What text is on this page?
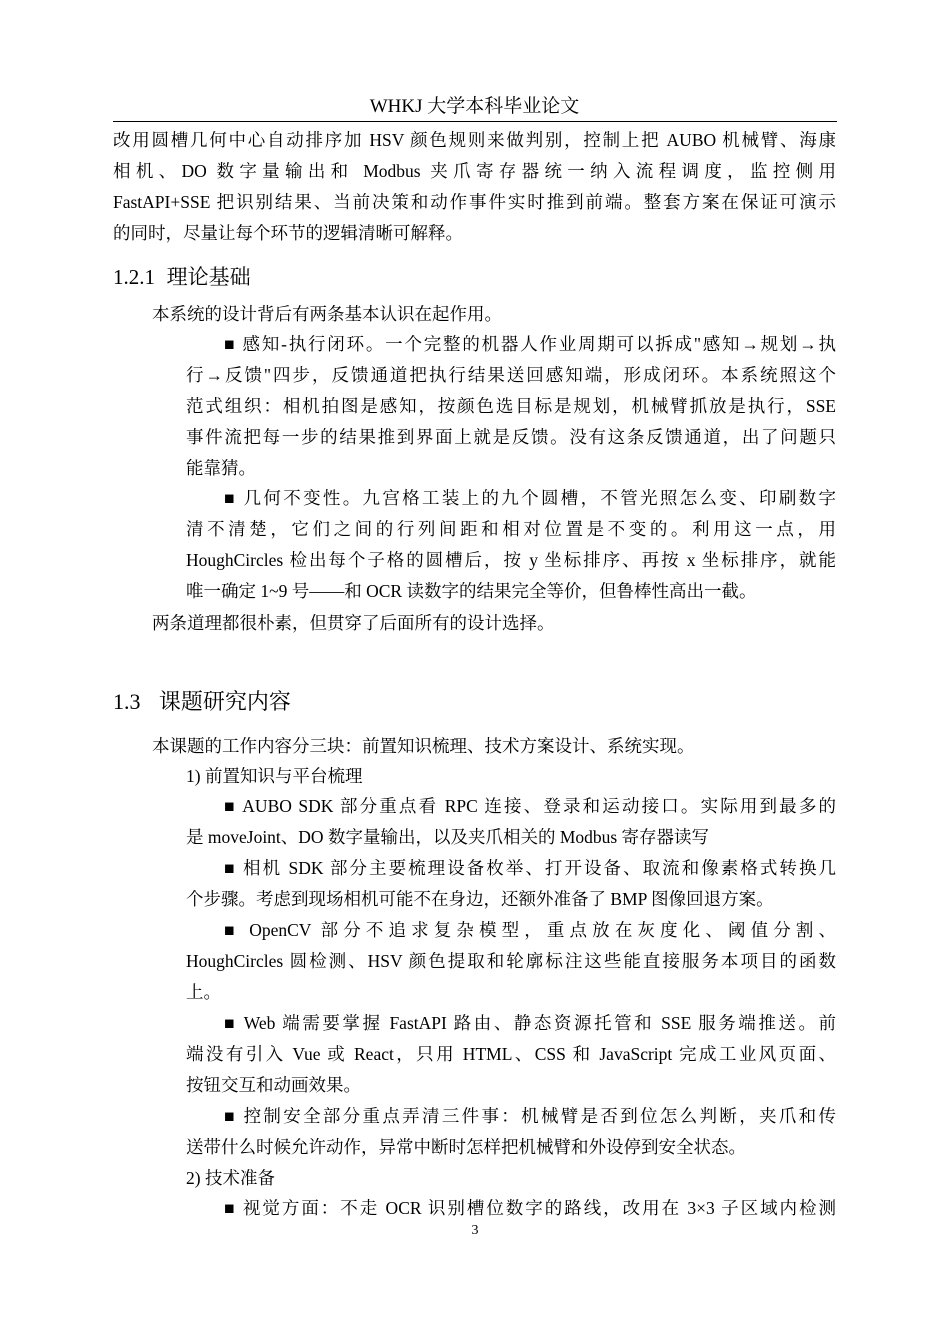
WHKJ 大学本科毕业论文

改用圆槽几何中心自动排序加 HSV 颜色规则来做判别，控制上把 AUBO 机械臂、海康

相机、DO 数字量输出和 Modbus 夹爪寄存器统一纳入流程调度，监控侧用

FastAPI+SSE 把识别结果、当前决策和动作事件实时推到前端。整套方案在保证可演示

的同时，尽量让每个环节的逻辑清晰可解释。

1.2.1 理论基础

本系统的设计背后有两条基本认识在起作用。

■ 感知-执行闭环。一个完整的机器人作业周期可以拆成"感知→规划→执

行→反馈"四步，反馈通道把执行结果送回感知端，形成闭环。本系统照这个

范式组织：相机拍图是感知，按颜色选目标是规划，机械臂抓放是执行，SSE

事件流把每一步的结果推到界面上就是反馈。没有这条反馈通道，出了问题只

能靠猜。

■ 几何不变性。九宫格工装上的九个圆槽，不管光照怎么变、印刷数字

清不清楚，它们之间的行列间距和相对位置是不变的。利用这一点，用

HoughCircles 检出每个子格的圆槽后，按 y 坐标排序、再按 x 坐标排序，就能

唯一确定 1~9 号——和 OCR 读数字的结果完全等价，但鲁棒性高出一截。

两条道理都很朴素，但贯穿了后面所有的设计选择。

1.3 课题研究内容

本课题的工作内容分三块：前置知识梳理、技术方案设计、系统实现。

1) 前置知识与平台梳理

■ AUBO SDK 部分重点看 RPC 连接、登录和运动接口。实际用到最多的

是 moveJoint、DO 数字量输出，以及夹爪相关的 Modbus 寄存器读写

■ 相机 SDK 部分主要梳理设备枚举、打开设备、取流和像素格式转换几

个步骤。考虑到现场相机可能不在身边，还额外准备了 BMP 图像回退方案。

■ OpenCV 部分不追求复杂模型，重点放在灰度化、阈值分割、

HoughCircles 圆检测、HSV 颜色提取和轮廓标注这些能直接服务本项目的函数

上。

■ Web 端需要掌握 FastAPI 路由、静态资源托管和 SSE 服务端推送。前

端没有引入 Vue 或 React，只用 HTML、CSS 和 JavaScript 完成工业风页面、

按钮交互和动画效果。

■ 控制安全部分重点弄清三件事：机械臂是否到位怎么判断，夹爪和传

送带什么时候允许动作，异常中断时怎样把机械臂和外设停到安全状态。

2) 技术准备

■ 视觉方面：不走 OCR 识别槽位数字的路线，改用在 3×3 子区域内检测

3
